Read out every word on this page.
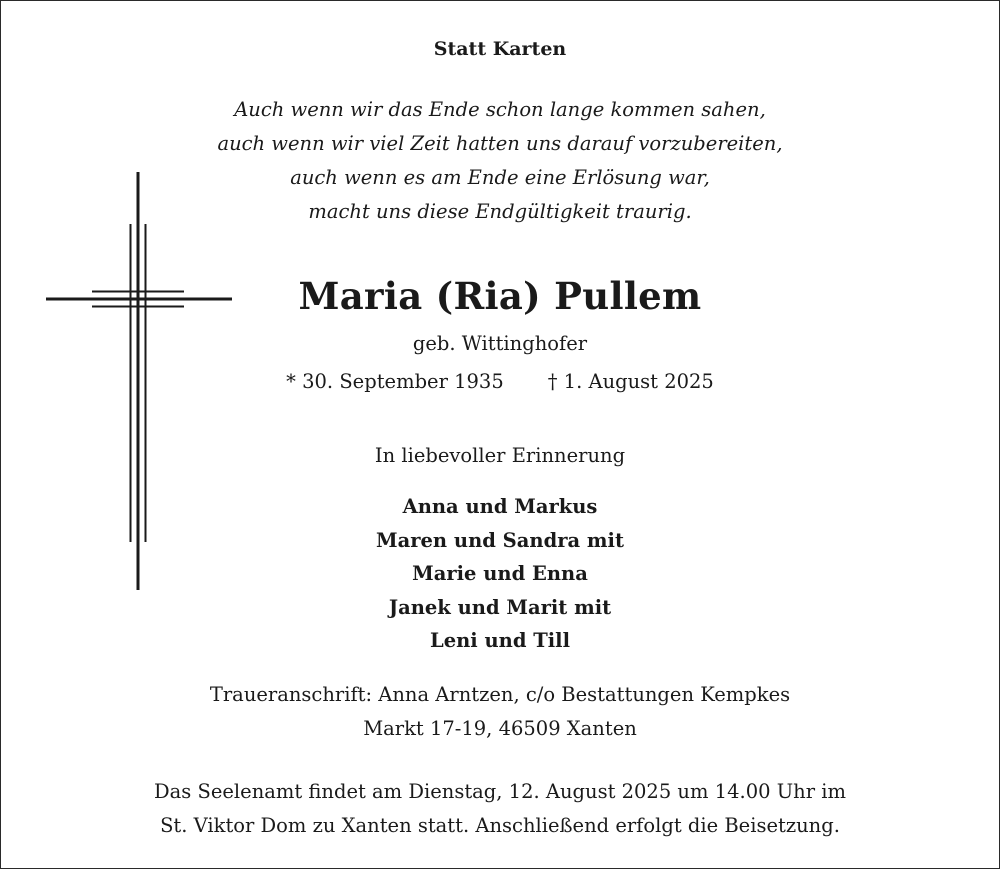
Statt Karten
Auch wenn wir das Ende schon lange kommen sahen,
auch wenn wir viel Zeit hatten uns darauf vorzubereiten,
auch wenn es am Ende eine Erlösung war,
macht uns diese Endgültigkeit traurig.
Maria (Ria) Pullem
geb. Wittinghofer
* 30. September 1935 † 1. August 2025
In liebevoller Erinnerung
Anna und Markus
Maren und Sandra mit
Marie und Enna
Janek und Marit mit
Leni und Till
Traueranschrift: Anna Arntzen, c/o Bestattungen Kempkes
Markt 17-19, 46509 Xanten
Das Seelenamt findet am Dienstag, 12. August 2025 um 14.00 Uhr im
St. Viktor Dom zu Xanten statt. Anschließend erfolgt die Beisetzung.
